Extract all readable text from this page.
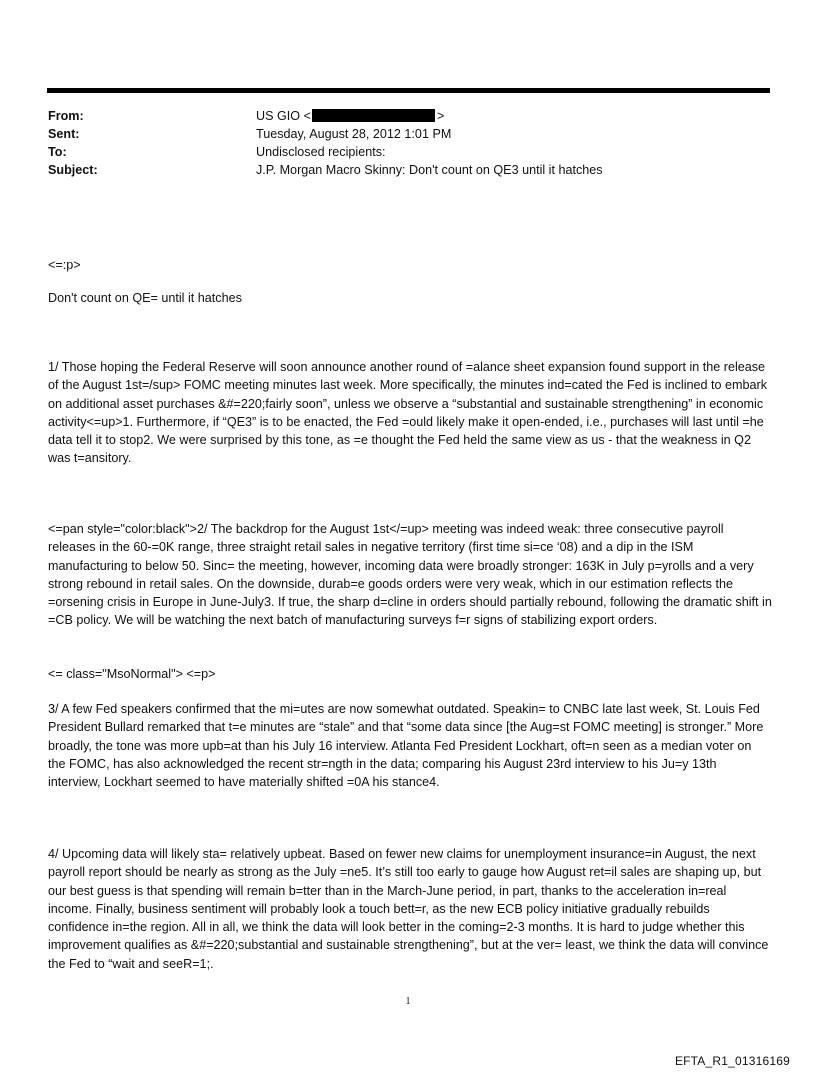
From:	US GIO <	>
Sent:	Tuesday, August 28, 2012 1:01 PM
To:	Undisclosed recipients:
Subject:	J.P. Morgan Macro Skinny: Don't count on QE3 until it hatches

<=:p>

Don't count on QE= until it hatches

1/ Those hoping the Federal Reserve will soon announce another round of =alance sheet expansion found support in the release of the August 1st=/sup> FOMC meeting minutes last week. More specifically, the minutes ind=cated the Fed is inclined to embark on additional asset purchases &#=220;fairly soon”, unless we observe a “substantial and sustainable strengthening” in economic activity<=up>1. Furthermore, if “QE3” is to be enacted, the Fed =ould likely make it open-ended, i.e., purchases will last until =he data tell it to stop2. We were surprised by this tone, as =e thought the Fed held the same view as us - that the weakness in Q2 was t=ansitory.

<=pan style="color:black">2/ The backdrop for the August 1st</=up> meeting was indeed weak: three consecutive payroll releases in the 60-=0K range, three straight retail sales in negative territory (first time si=ce ‘08) and a dip in the ISM manufacturing to below 50. Sinc= the meeting, however, incoming data were broadly stronger: 163K in July p=yrolls and a very strong rebound in retail sales. On the downside, durab=e goods orders were very weak, which in our estimation reflects the =orsening crisis in Europe in June-July3. If true, the sharp d=cline in orders should partially rebound, following the dramatic shift in =CB policy. We will be watching the next batch of manufacturing surveys f=r signs of stabilizing export orders.

<= class="MsoNormal"> <=p>

3/ A few Fed speakers confirmed that the mi=utes are now somewhat outdated. Speakin= to CNBC late last week, St. Louis Fed President Bullard remarked that t=e minutes are “stale” and that “some data since [the Aug=st FOMC meeting] is stronger.” More broadly, the tone was more upb=at than his July 16 interview. Atlanta Fed President Lockhart, oft=n seen as a median voter on the FOMC, has also acknowledged the recent str=ngth in the data; comparing his August 23rd interview to his Ju=y 13th interview, Lockhart seemed to have materially shifted =0A his stance4.

4/ Upcoming data will likely sta= relatively upbeat. Based on fewer new claims for unemployment insurance=in August, the next payroll report should be nearly as strong as the July =ne5. It’s still too early to gauge how August ret=il sales are shaping up, but our best guess is that spending will remain b=tter than in the March-June period, in part, thanks to the acceleration in=real income. Finally, business sentiment will probably look a touch bett=r, as the new ECB policy initiative gradually rebuilds confidence in=the region. All in all, we think the data will look better in the coming=2-3 months. It is hard to judge whether this improvement qualifies as &#=220;substantial and sustainable strengthening”, but at the ver= least, we think the data will convince the Fed to “wait and seeR=1;.

1
EFTA_R1_01316169
